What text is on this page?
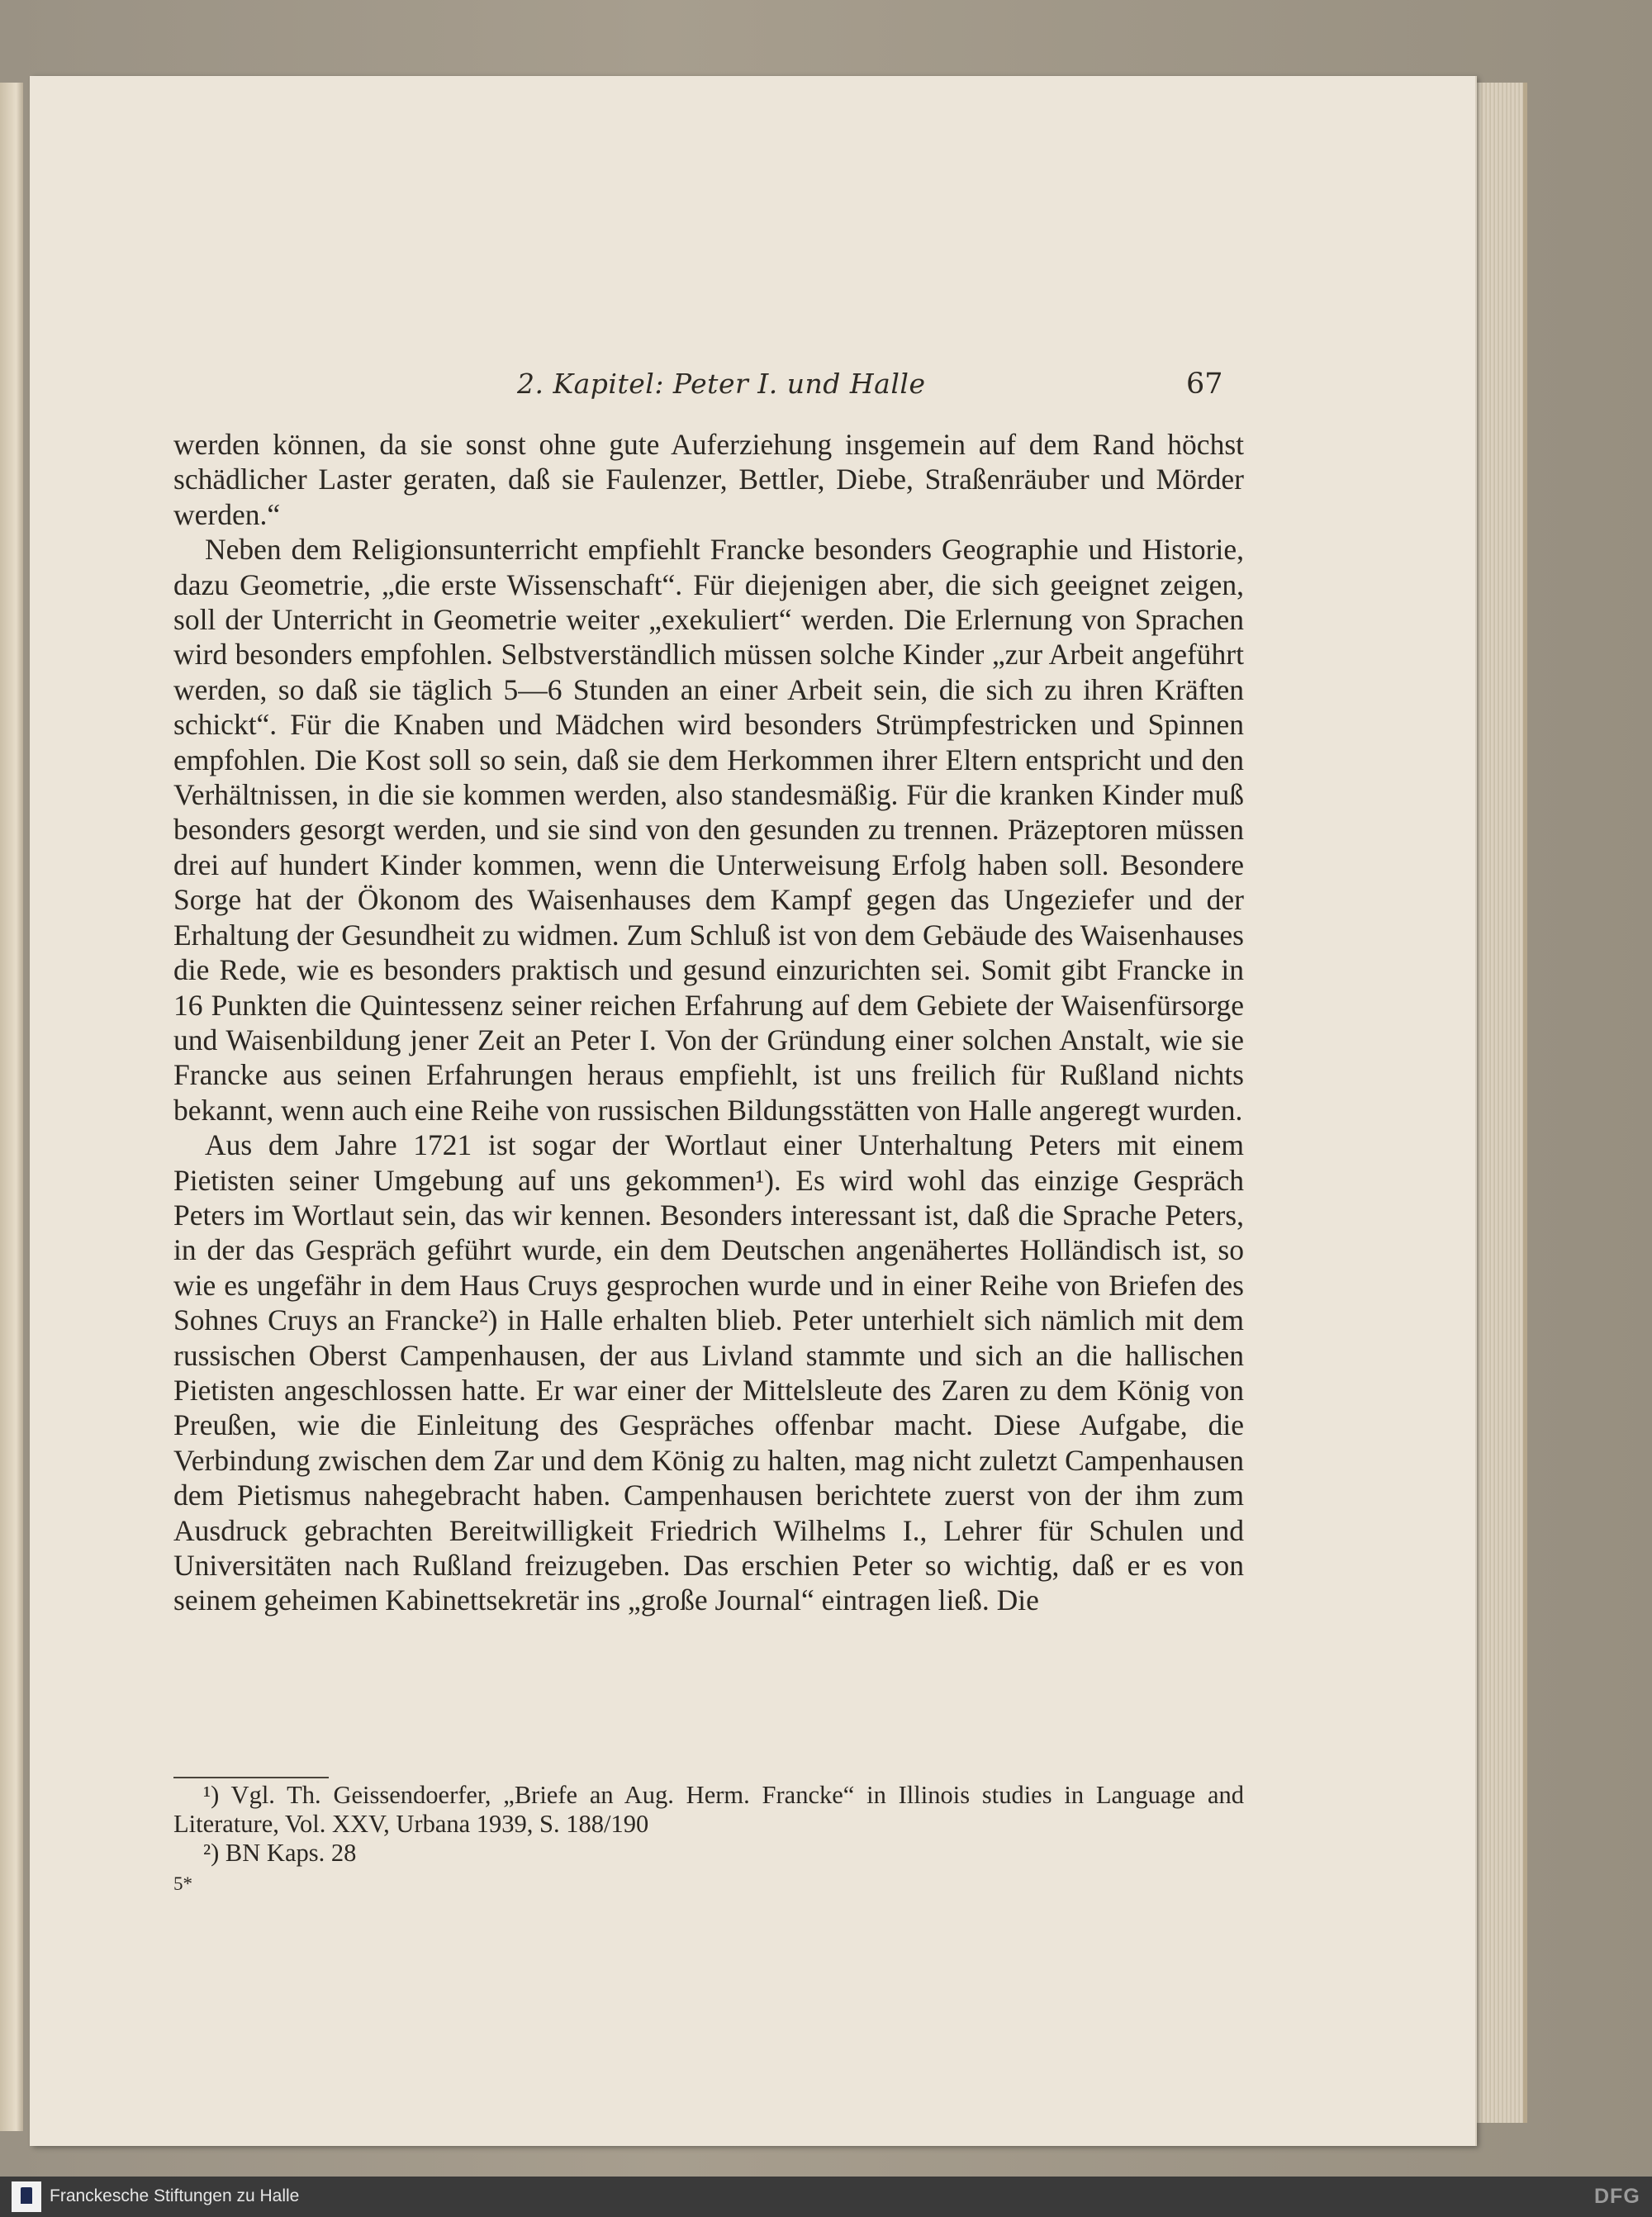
2. Kapitel: Peter I. und Halle	67

werden können, da sie sonst ohne gute Auferziehung insgemein auf dem Rand höchst schädlicher Laster geraten, daß sie Faulenzer, Bettler, Diebe, Straßenräuber und Mörder werden.“

Neben dem Religionsunterricht empfiehlt Francke besonders Geographie und Historie, dazu Geometrie, „die erste Wissenschaft“. Für diejenigen aber, die sich geeignet zeigen, soll der Unterricht in Geometrie weiter „exekuliert“ werden. Die Erlernung von Sprachen wird besonders empfohlen. Selbstverständlich müssen solche Kinder „zur Arbeit angeführt werden, so daß sie täglich 5—6 Stunden an einer Arbeit sein, die sich zu ihren Kräften schickt“. Für die Knaben und Mädchen wird besonders Strümpfestricken und Spinnen empfohlen. Die Kost soll so sein, daß sie dem Herkommen ihrer Eltern entspricht und den Verhältnissen, in die sie kommen werden, also standesmäßig. Für die kranken Kinder muß besonders gesorgt werden, und sie sind von den gesunden zu trennen. Präzeptoren müssen drei auf hundert Kinder kommen, wenn die Unterweisung Erfolg haben soll. Besondere Sorge hat der Ökonom des Waisenhauses dem Kampf gegen das Ungeziefer und der Erhaltung der Gesundheit zu widmen. Zum Schluß ist von dem Gebäude des Waisenhauses die Rede, wie es besonders praktisch und gesund einzurichten sei. Somit gibt Francke in 16 Punkten die Quintessenz seiner reichen Erfahrung auf dem Gebiete der Waisenfürsorge und Waisenbildung jener Zeit an Peter I. Von der Gründung einer solchen Anstalt, wie sie Francke aus seinen Erfahrungen heraus empfiehlt, ist uns freilich für Rußland nichts bekannt, wenn auch eine Reihe von russischen Bildungsstätten von Halle angeregt wurden.

Aus dem Jahre 1721 ist sogar der Wortlaut einer Unterhaltung Peters mit einem Pietisten seiner Umgebung auf uns gekommen¹). Es wird wohl das einzige Gespräch Peters im Wortlaut sein, das wir kennen. Besonders interessant ist, daß die Sprache Peters, in der das Gespräch geführt wurde, ein dem Deutschen angenähertes Holländisch ist, so wie es ungefähr in dem Haus Cruys gesprochen wurde und in einer Reihe von Briefen des Sohnes Cruys an Francke²) in Halle erhalten blieb. Peter unterhielt sich nämlich mit dem russischen Oberst Campenhausen, der aus Livland stammte und sich an die hallischen Pietisten angeschlossen hatte. Er war einer der Mittelsleute des Zaren zu dem König von Preußen, wie die Einleitung des Gespräches offenbar macht. Diese Aufgabe, die Verbindung zwischen dem Zar und dem König zu halten, mag nicht zuletzt Campenhausen dem Pietismus nahegebracht haben. Campenhausen berichtete zuerst von der ihm zum Ausdruck gebrachten Bereitwilligkeit Friedrich Wilhelms I., Lehrer für Schulen und Universitäten nach Rußland freizugeben. Das erschien Peter so wichtig, daß er es von seinem geheimen Kabinettsekretär ins „große Journal“ eintragen ließ. Die

¹) Vgl. Th. Geissendoerfer, „Briefe an Aug. Herm. Francke“ in Illinois studies in Language and Literature, Vol. XXV, Urbana 1939, S. 188/190

²) BN Kaps. 28

5*
Franckesche Stiftungen zu Halle	DFG
